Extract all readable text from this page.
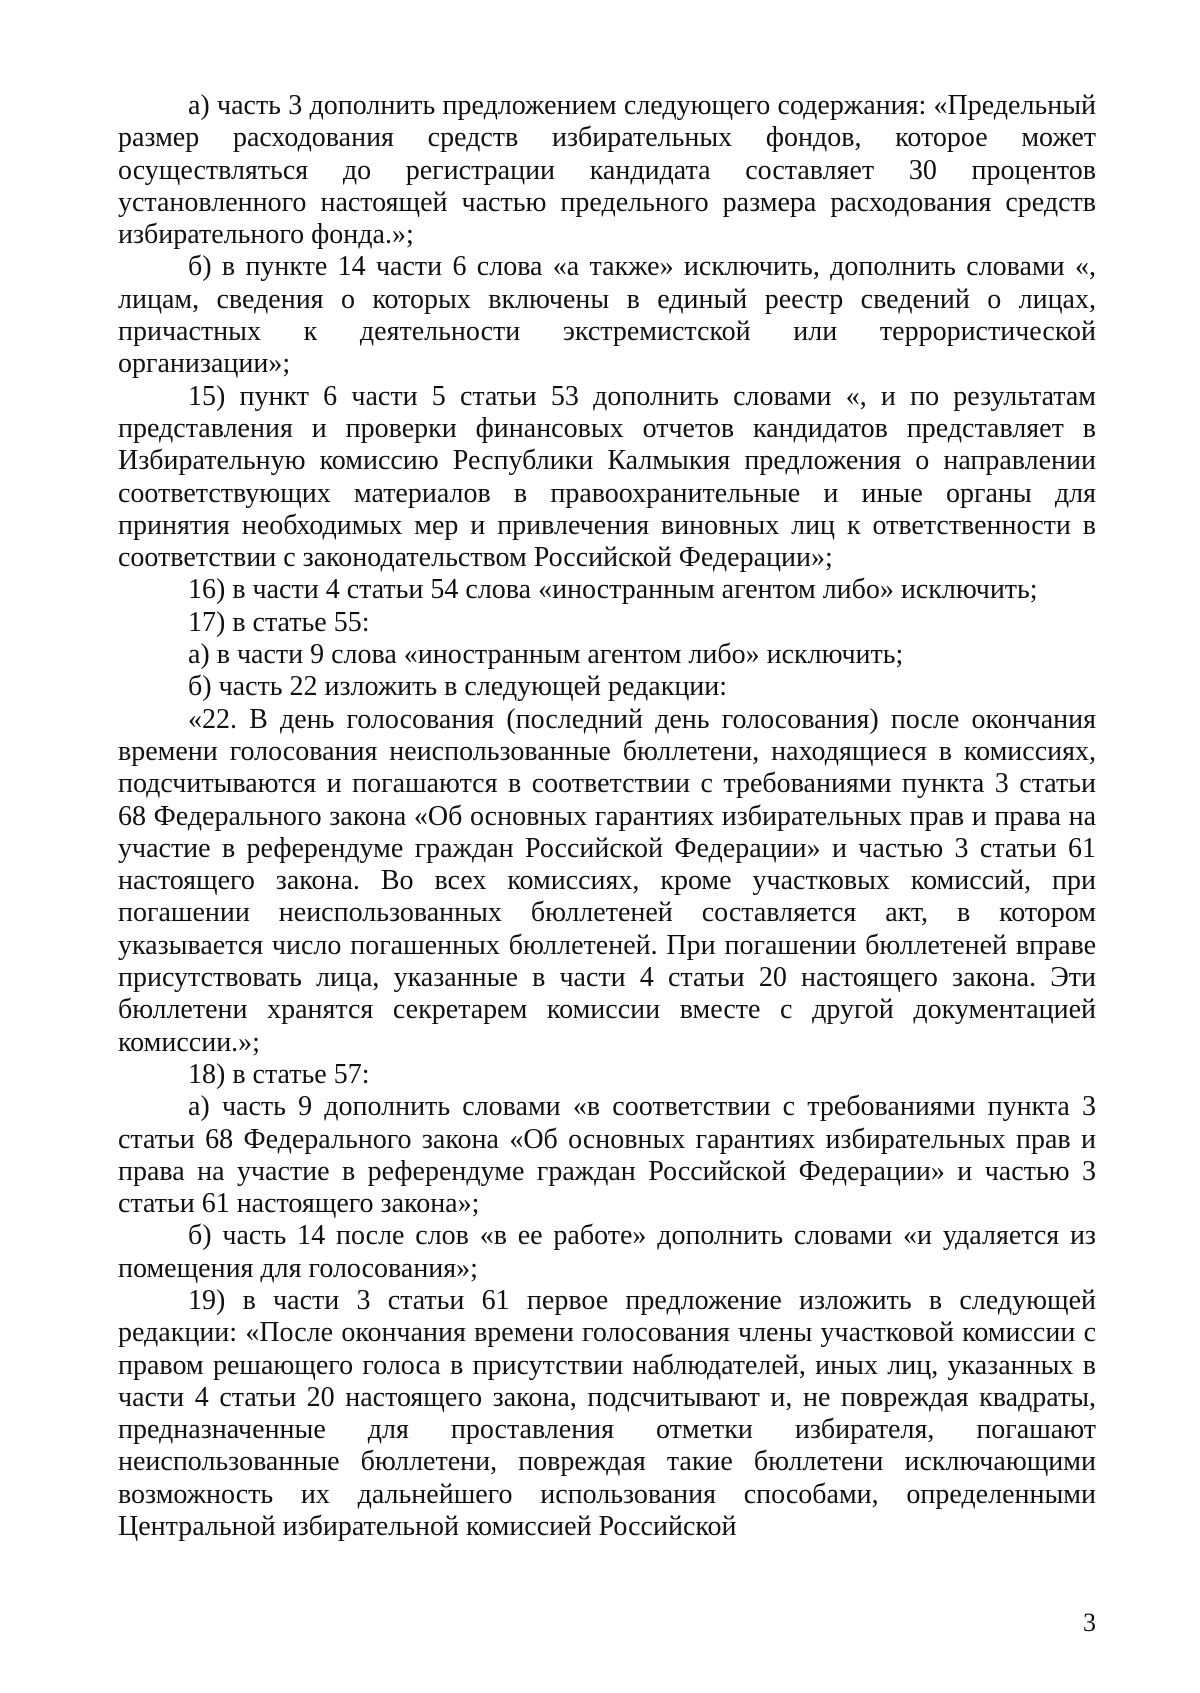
а) часть 3 дополнить предложением следующего содержания: «Предельный размер расходования средств избирательных фондов, которое может осуществляться до регистрации кандидата составляет 30 процентов установленного настоящей частью предельного размера расходования средств избирательного фонда.»;

б) в пункте 14 части 6 слова «а также» исключить, дополнить словами «, лицам, сведения о которых включены в единый реестр сведений о лицах, причастных к деятельности экстремистской или террористической организации»;

15) пункт 6 части 5 статьи 53 дополнить словами «, и по результатам представления и проверки финансовых отчетов кандидатов представляет в Избирательную комиссию Республики Калмыкия предложения о направлении соответствующих материалов в правоохранительные и иные органы для принятия необходимых мер и привлечения виновных лиц к ответственности в соответствии с законодательством Российской Федерации»;

16) в части 4 статьи 54 слова «иностранным агентом либо» исключить;

17) в статье 55:

а) в части 9 слова «иностранным агентом либо» исключить;

б) часть 22 изложить в следующей редакции:

«22. В день голосования (последний день голосования) после окончания времени голосования неиспользованные бюллетени, находящиеся в комиссиях, подсчитываются и погашаются в соответствии с требованиями пункта 3 статьи 68 Федерального закона «Об основных гарантиях избирательных прав и права на участие в референдуме граждан Российской Федерации» и частью 3 статьи 61 настоящего закона. Во всех комиссиях, кроме участковых комиссий, при погашении неиспользованных бюллетеней составляется акт, в котором указывается число погашенных бюллетеней. При погашении бюллетеней вправе присутствовать лица, указанные в части 4 статьи 20 настоящего закона. Эти бюллетени хранятся секретарем комиссии вместе с другой документацией комиссии.»;

18) в статье 57:

а) часть 9 дополнить словами «в соответствии с требованиями пункта 3 статьи 68 Федерального закона «Об основных гарантиях избирательных прав и права на участие в референдуме граждан Российской Федерации» и частью 3 статьи 61 настоящего закона»;

б) часть 14 после слов «в ее работе» дополнить словами «и удаляется из помещения для голосования»;

19) в части 3 статьи 61 первое предложение изложить в следующей редакции: «После окончания времени голосования члены участковой комиссии с правом решающего голоса в присутствии наблюдателей, иных лиц, указанных в части 4 статьи 20 настоящего закона, подсчитывают и, не повреждая квадраты, предназначенные для проставления отметки избирателя, погашают неиспользованные бюллетени, повреждая такие бюллетени исключающими возможность их дальнейшего использования способами, определенными Центральной избирательной комиссией Российской

3
